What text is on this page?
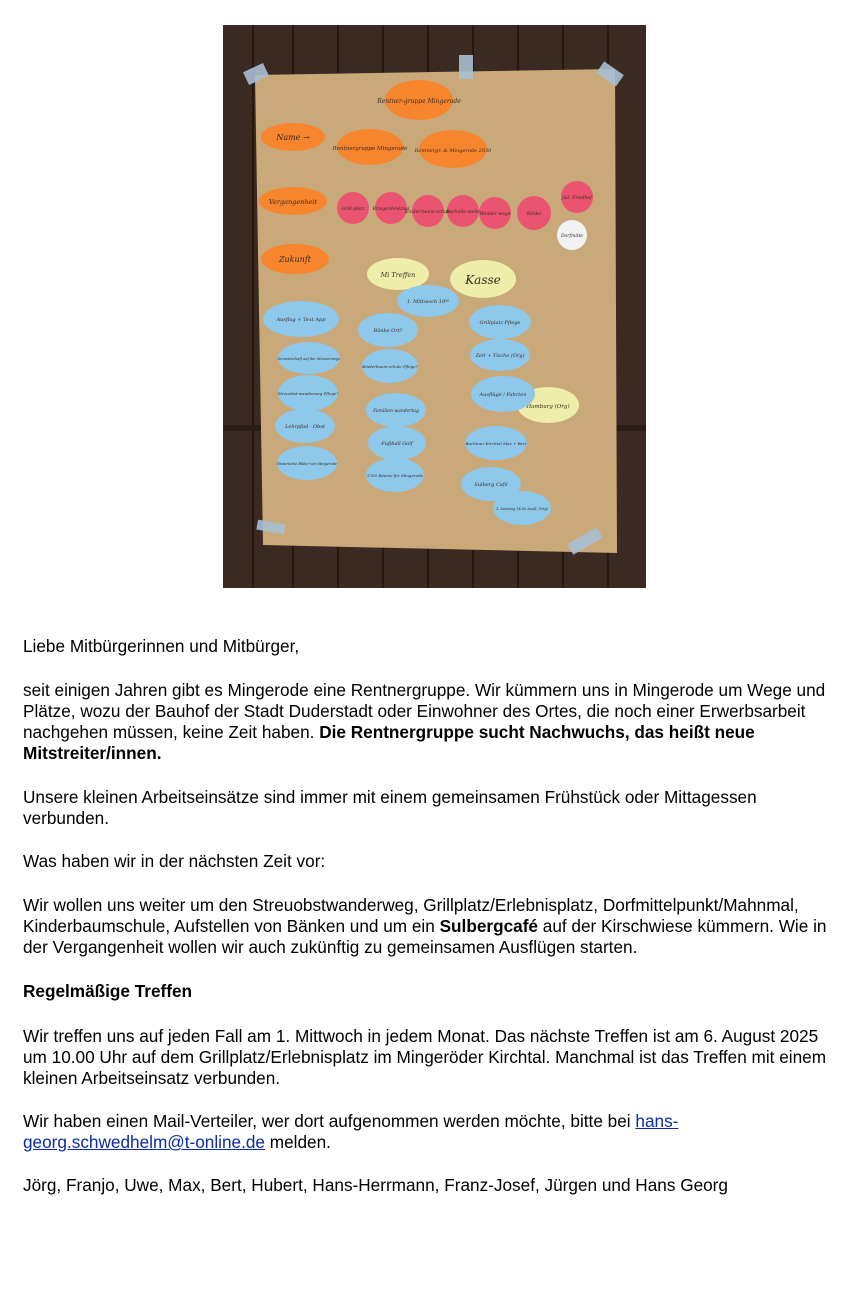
Rentner-gruppe Mingerode
Name →
Rentnergruppe Mingerode Rentnergr. & Mingerode 2030
Vergangenheit
Zukunft
Grill-platz Kriegerdenkmal
Kinder-baum-schule
Bushalte-stelle Wander-wege	Bänke
jüd. Friedhof
Dorfmitte
Mi Treffen	Kasse
Hamburg (Org)
1. Mittwoch 10⁰⁰
Ausflug + Text App
Bänke Ort?
Grillplatz Pflege
Gemeinschaft auf der Mannerwege
Kinderbaum-schule Pflege?
Zelt + Tische (Org)
Streuobst-wanderweg Pflege?
Familien-wandertag
Ausflüge / Fahrten
Lehrpfad - Obst
Fußball Golf
Historische Bilder von Mingerode
1350 Bäume für Mingerode
Buchtour Kirchtal Max + Bert
Sulberg Café
1. Sonntag 14.00 Ausfl. (Org)

Liebe Mitbürgerinnen und Mitbürger,

seit einigen Jahren gibt es Mingerode eine Rentnergruppe. Wir kümmern uns in Mingerode um Wege und Plätze, wozu der Bauhof der Stadt Duderstadt oder Einwohner des Ortes, die noch einer Erwerbsarbeit nachgehen müssen, keine Zeit haben. Die Rentnergruppe sucht Nachwuchs, das heißt neue Mitstreiter/innen.

Unsere kleinen Arbeitseinsätze sind immer mit einem gemeinsamen Frühstück oder Mittagessen verbunden.

Was haben wir in der nächsten Zeit vor:

Wir wollen uns weiter um den Streuobstwanderweg, Grillplatz/Erlebnisplatz, Dorfmittelpunkt/Mahnmal, Kinderbaumschule, Aufstellen von Bänken und um ein Sulbergcafé auf der Kirschwiese kümmern. Wie in der Vergangenheit wollen wir auch zukünftig zu gemeinsamen Ausflügen starten.

Regelmäßige Treffen

Wir treffen uns auf jeden Fall am 1. Mittwoch in jedem Monat. Das nächste Treffen ist am 6. August 2025 um 10.00 Uhr auf dem Grillplatz/Erlebnisplatz im Mingeröder Kirchtal. Manchmal ist das Treffen mit einem kleinen Arbeitseinsatz verbunden.

Wir haben einen Mail-Verteiler, wer dort aufgenommen werden möchte, bitte bei hans-georg.schwedhelm@t-online.de melden.

Jörg, Franjo, Uwe, Max, Bert, Hubert, Hans-Herrmann, Franz-Josef, Jürgen und Hans Georg
